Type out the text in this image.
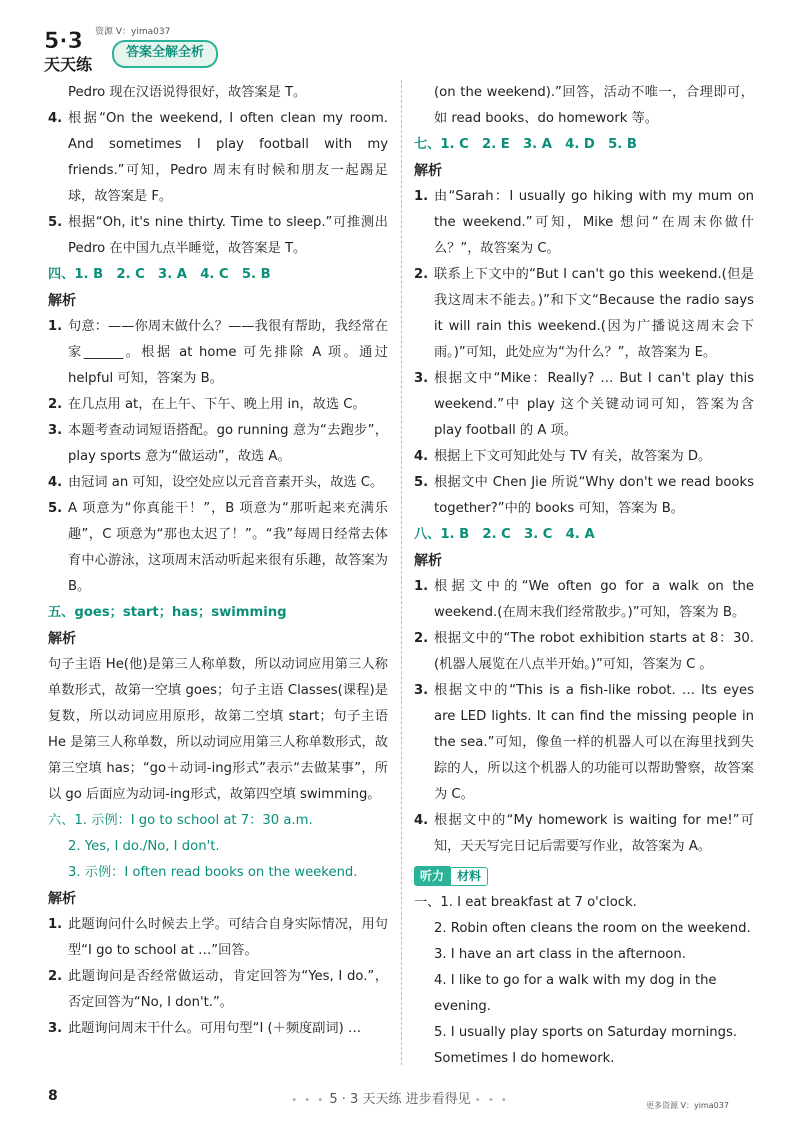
5·3
天天练
资源 V：yima037
答案全解全析
Pedro 现在汉语说得很好，故答案是 T。
4. 根据“On the weekend, I often clean my room. And sometimes I play football with my friends.”可知，Pedro 周末有时候和朋友一起踢足球，故答案是 F。
5. 根据“Oh, it's nine thirty. Time to sleep.”可推测出 Pedro 在中国九点半睡觉，故答案是 T。
四、1. B　2. C　3. A　4. C　5. B
解析
1. 句意：——你周末做什么？——我很有帮助，我经常在家______。根据 at home 可先排除 A 项。通过 helpful 可知，答案为 B。
2. 在几点用 at，在上午、下午、晚上用 in，故选 C。
3. 本题考查动词短语搭配。go running 意为“去跑步”，play sports 意为“做运动”，故选 A。
4. 由冠词 an 可知，设空处应以元音音素开头，故选 C。
5. A 项意为“你真能干！”，B 项意为“那听起来充满乐趣”，C 项意为“那也太迟了！”。“我”每周日经常去体育中心游泳，这项周末活动听起来很有乐趣，故答案为 B。
五、goes；start；has；swimming
解析
句子主语 He(他)是第三人称单数，所以动词应用第三人称单数形式，故第一空填 goes；句子主语 Classes(课程)是复数，所以动词应用原形，故第二空填 start；句子主语 He 是第三人称单数，所以动词应用第三人称单数形式，故第三空填 has；“go＋动词-ing形式”表示“去做某事”，所以 go 后面应为动词-ing形式，故第四空填 swimming。
六、1. 示例：I go to school at 7：30 a.m.
2. Yes, I do./No, I don't.
3. 示例：I often read books on the weekend.
解析
1. 此题询问什么时候去上学。可结合自身实际情况，用句型“I go to school at …”回答。
2. 此题询问是否经常做运动，肯定回答为“Yes, I do.”，否定回答为“No, I don't.”。
3. 此题询问周末干什么。可用句型“I (＋频度副词) …
(on the weekend).”回答，活动不唯一，合理即可，如 read books、do homework 等。
七、1. C　2. E　3. A　4. D　5. B
解析
1. 由“Sarah：I usually go hiking with my mum on the weekend.”可知，Mike 想问“在周末你做什么？”，故答案为 C。
2. 联系上下文中的“But I can't go this weekend.(但是我这周末不能去。)”和下文“Because the radio says it will rain this weekend.(因为广播说这周末会下雨。)”可知，此处应为“为什么？”，故答案为 E。
3. 根据文中“Mike：Really? … But I can't play this weekend.”中 play 这个关键动词可知，答案为含 play football 的 A 项。
4. 根据上下文可知此处与 TV 有关，故答案为 D。
5. 根据文中 Chen Jie 所说“Why don't we read books together?”中的 books 可知，答案为 B。
八、1. B　2. C　3. C　4. A
解析
1. 根据文中的“We often go for a walk on the weekend.(在周末我们经常散步。)”可知，答案为 B。
2. 根据文中的“The robot exhibition starts at 8：30.(机器人展览在八点半开始。)”可知，答案为 C 。
3. 根据文中的“This is a fish-like robot. … Its eyes are LED lights. It can find the missing people in the sea.”可知，像鱼一样的机器人可以在海里找到失踪的人，所以这个机器人的功能可以帮助警察，故答案为 C。
4. 根据文中的“My homework is waiting for me!”可知，天天写完日记后需要写作业，故答案为 A。
听力	材料
一、1. I eat breakfast at 7 o'clock.
2. Robin often cleans the room on the weekend.
3. I have an art class in the afternoon.
4. I like to go for a walk with my dog in the evening.
5. I usually play sports on Saturday mornings. Sometimes I do homework.
8	• • • 5 · 3 天天练 进步看得见 • • •	更多资源 V：yima037
